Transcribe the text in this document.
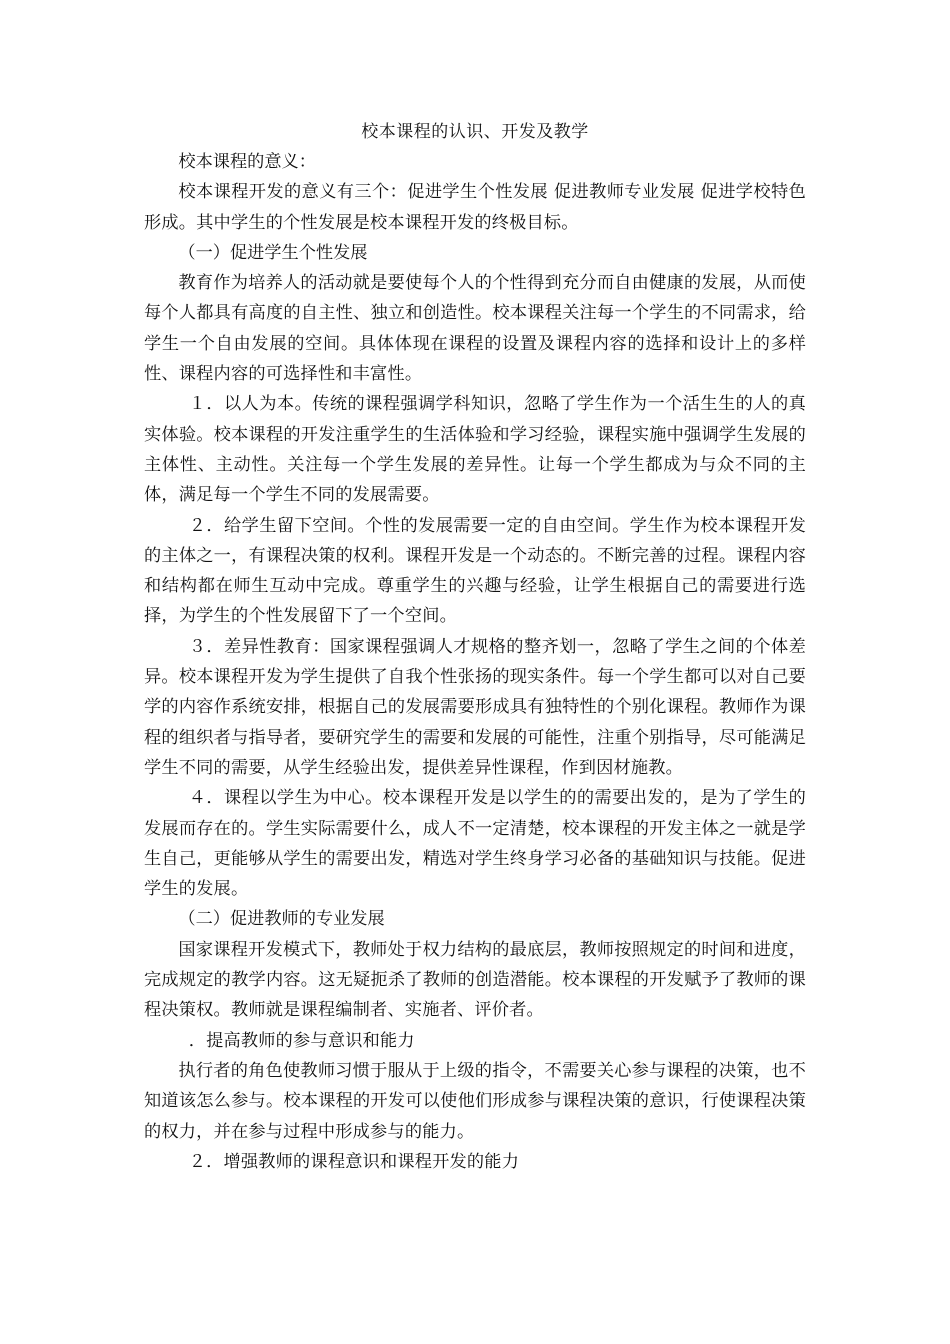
校本课程的认识、开发及教学

校本课程的意义：

校本课程开发的意义有三个：促进学生个性发展 促进教师专业发展 促进学校特色形成。其中学生的个性发展是校本课程开发的终极目标。

（一）促进学生个性发展

教育作为培养人的活动就是要使每个人的个性得到充分而自由健康的发展，从而使每个人都具有高度的自主性、独立和创造性。校本课程关注每一个学生的不同需求，给学生一个自由发展的空间。具体体现在课程的设置及课程内容的选择和设计上的多样性、课程内容的可选择性和丰富性。

１．以人为本。传统的课程强调学科知识，忽略了学生作为一个活生生的人的真实体验。校本课程的开发注重学生的生活体验和学习经验，课程实施中强调学生发展的主体性、主动性。关注每一个学生发展的差异性。让每一个学生都成为与众不同的主体，满足每一个学生不同的发展需要。

２．给学生留下空间。个性的发展需要一定的自由空间。学生作为校本课程开发的主体之一，有课程决策的权利。课程开发是一个动态的。不断完善的过程。课程内容和结构都在师生互动中完成。尊重学生的兴趣与经验，让学生根据自己的需要进行选择，为学生的个性发展留下了一个空间。

３．差异性教育：国家课程强调人才规格的整齐划一，忽略了学生之间的个体差异。校本课程开发为学生提供了自我个性张扬的现实条件。每一个学生都可以对自己要学的内容作系统安排，根据自己的发展需要形成具有独特性的个别化课程。教师作为课程的组织者与指导者，要研究学生的需要和发展的可能性，注重个别指导，尽可能满足学生不同的需要，从学生经验出发，提供差异性课程，作到因材施教。

４．课程以学生为中心。校本课程开发是以学生的的需要出发的，是为了学生的发展而存在的。学生实际需要什么，成人不一定清楚，校本课程的开发主体之一就是学生自己，更能够从学生的需要出发，精选对学生终身学习必备的基础知识与技能。促进学生的发展。

（二）促进教师的专业发展

国家课程开发模式下，教师处于权力结构的最底层，教师按照规定的时间和进度，完成规定的教学内容。这无疑扼杀了教师的创造潜能。校本课程的开发赋予了教师的课程决策权。教师就是课程编制者、实施者、评价者。

．提高教师的参与意识和能力

执行者的角色使教师习惯于服从于上级的指令，不需要关心参与课程的决策，也不知道该怎么参与。校本课程的开发可以使他们形成参与课程决策的意识，行使课程决策的权力，并在参与过程中形成参与的能力。

２．增强教师的课程意识和课程开发的能力
